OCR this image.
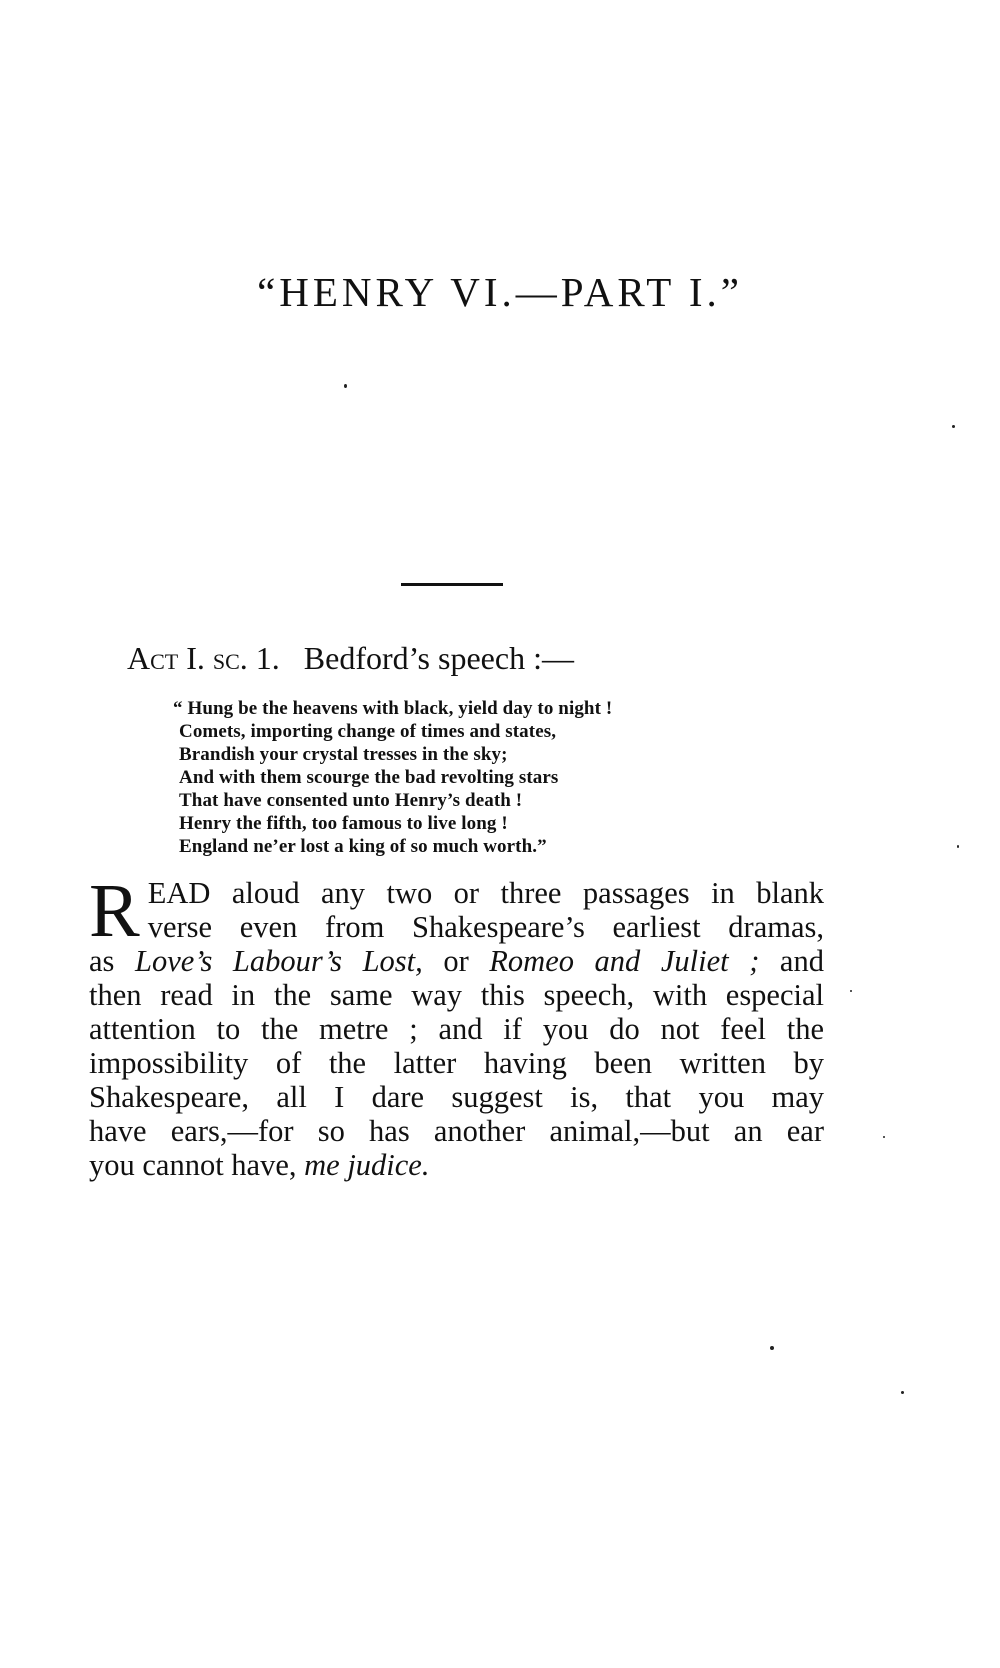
“HENRY VI.—PART I.”
Act I. sc. 1. Bedford’s speech :—
“ Hung be the heavens with black, yield day to night !
Comets, importing change of times and states,
Brandish your crystal tresses in the sky;
And with them scourge the bad revolting stars
That have consented unto Henry’s death !
Henry the fifth, too famous to live long !
England ne’er lost a king of so much worth.”
R EAD aloud any two or three passages in blank
verse even from Shakespeare’s earliest dramas,
as Love’s Labour’s Lost, or Romeo and Juliet ; and
then read in the same way this speech, with especial
attention to the metre ; and if you do not feel the
impossibility of the latter having been written by
Shakespeare, all I dare suggest is, that you may
have ears,—for so has another animal,—but an ear
you cannot have, me judice.
